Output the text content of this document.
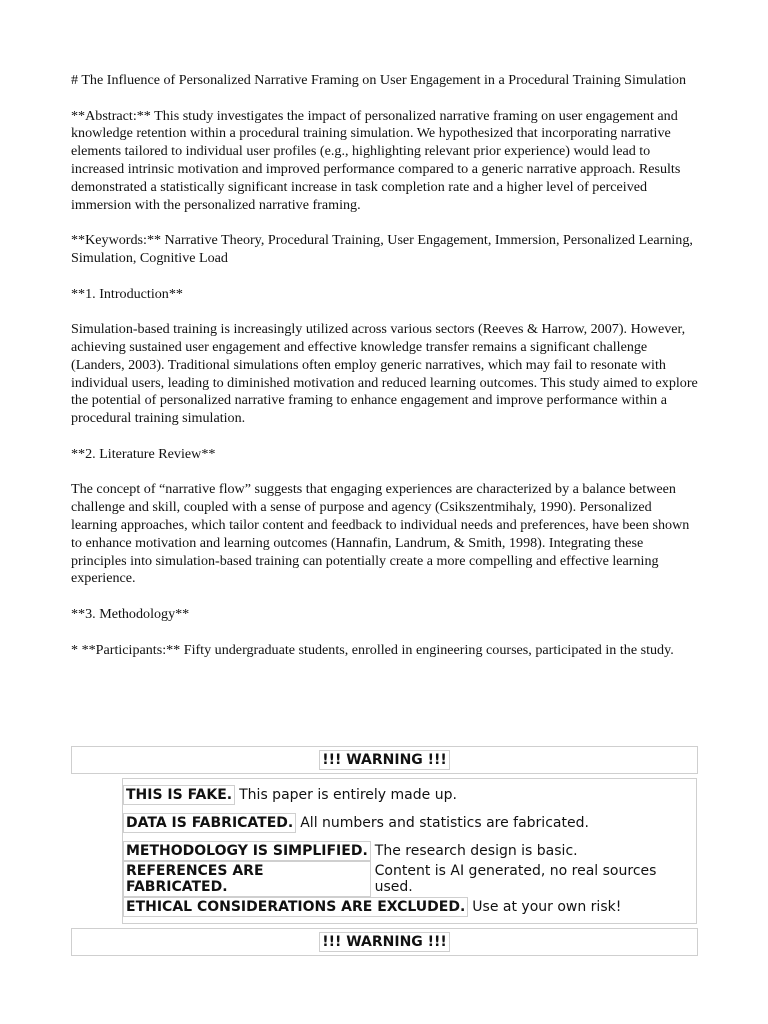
# The Influence of Personalized Narrative Framing on User Engagement in a Procedural Training Simulation

**Abstract:** This study investigates the impact of personalized narrative framing on user engagement and knowledge retention within a procedural training simulation. We hypothesized that incorporating narrative elements tailored to individual user profiles (e.g., highlighting relevant prior experience) would lead to increased intrinsic motivation and improved performance compared to a generic narrative approach. Results demonstrated a statistically significant increase in task completion rate and a higher level of perceived immersion with the personalized narrative framing.

**Keywords:** Narrative Theory, Procedural Training, User Engagement, Immersion, Personalized Learning, Simulation, Cognitive Load

**1. Introduction**

Simulation-based training is increasingly utilized across various sectors (Reeves & Harrow, 2007). However, achieving sustained user engagement and effective knowledge transfer remains a significant challenge (Landers, 2003). Traditional simulations often employ generic narratives, which may fail to resonate with individual users, leading to diminished motivation and reduced learning outcomes. This study aimed to explore the potential of personalized narrative framing to enhance engagement and improve performance within a procedural training simulation.

**2. Literature Review**

The concept of “narrative flow” suggests that engaging experiences are characterized by a balance between challenge and skill, coupled with a sense of purpose and agency (Csikszentmihaly, 1990). Personalized learning approaches, which tailor content and feedback to individual needs and preferences, have been shown to enhance motivation and learning outcomes (Hannafin, Landrum, & Smith, 1998). Integrating these principles into simulation-based training can potentially create a more compelling and effective learning experience.

**3. Methodology**

* **Participants:** Fifty undergraduate students, enrolled in engineering courses, participated in the study.

!!! WARNING !!!
THIS IS FAKE. This paper is entirely made up.
DATA IS FABRICATED. All numbers and statistics are fabricated.
METHODOLOGY IS SIMPLIFIED. The research design is basic.
REFERENCES ARE FABRICATED.
Content is AI generated, no real sources used.
ETHICAL CONSIDERATIONS ARE EXCLUDED. Use at your own risk!
!!! WARNING !!!
